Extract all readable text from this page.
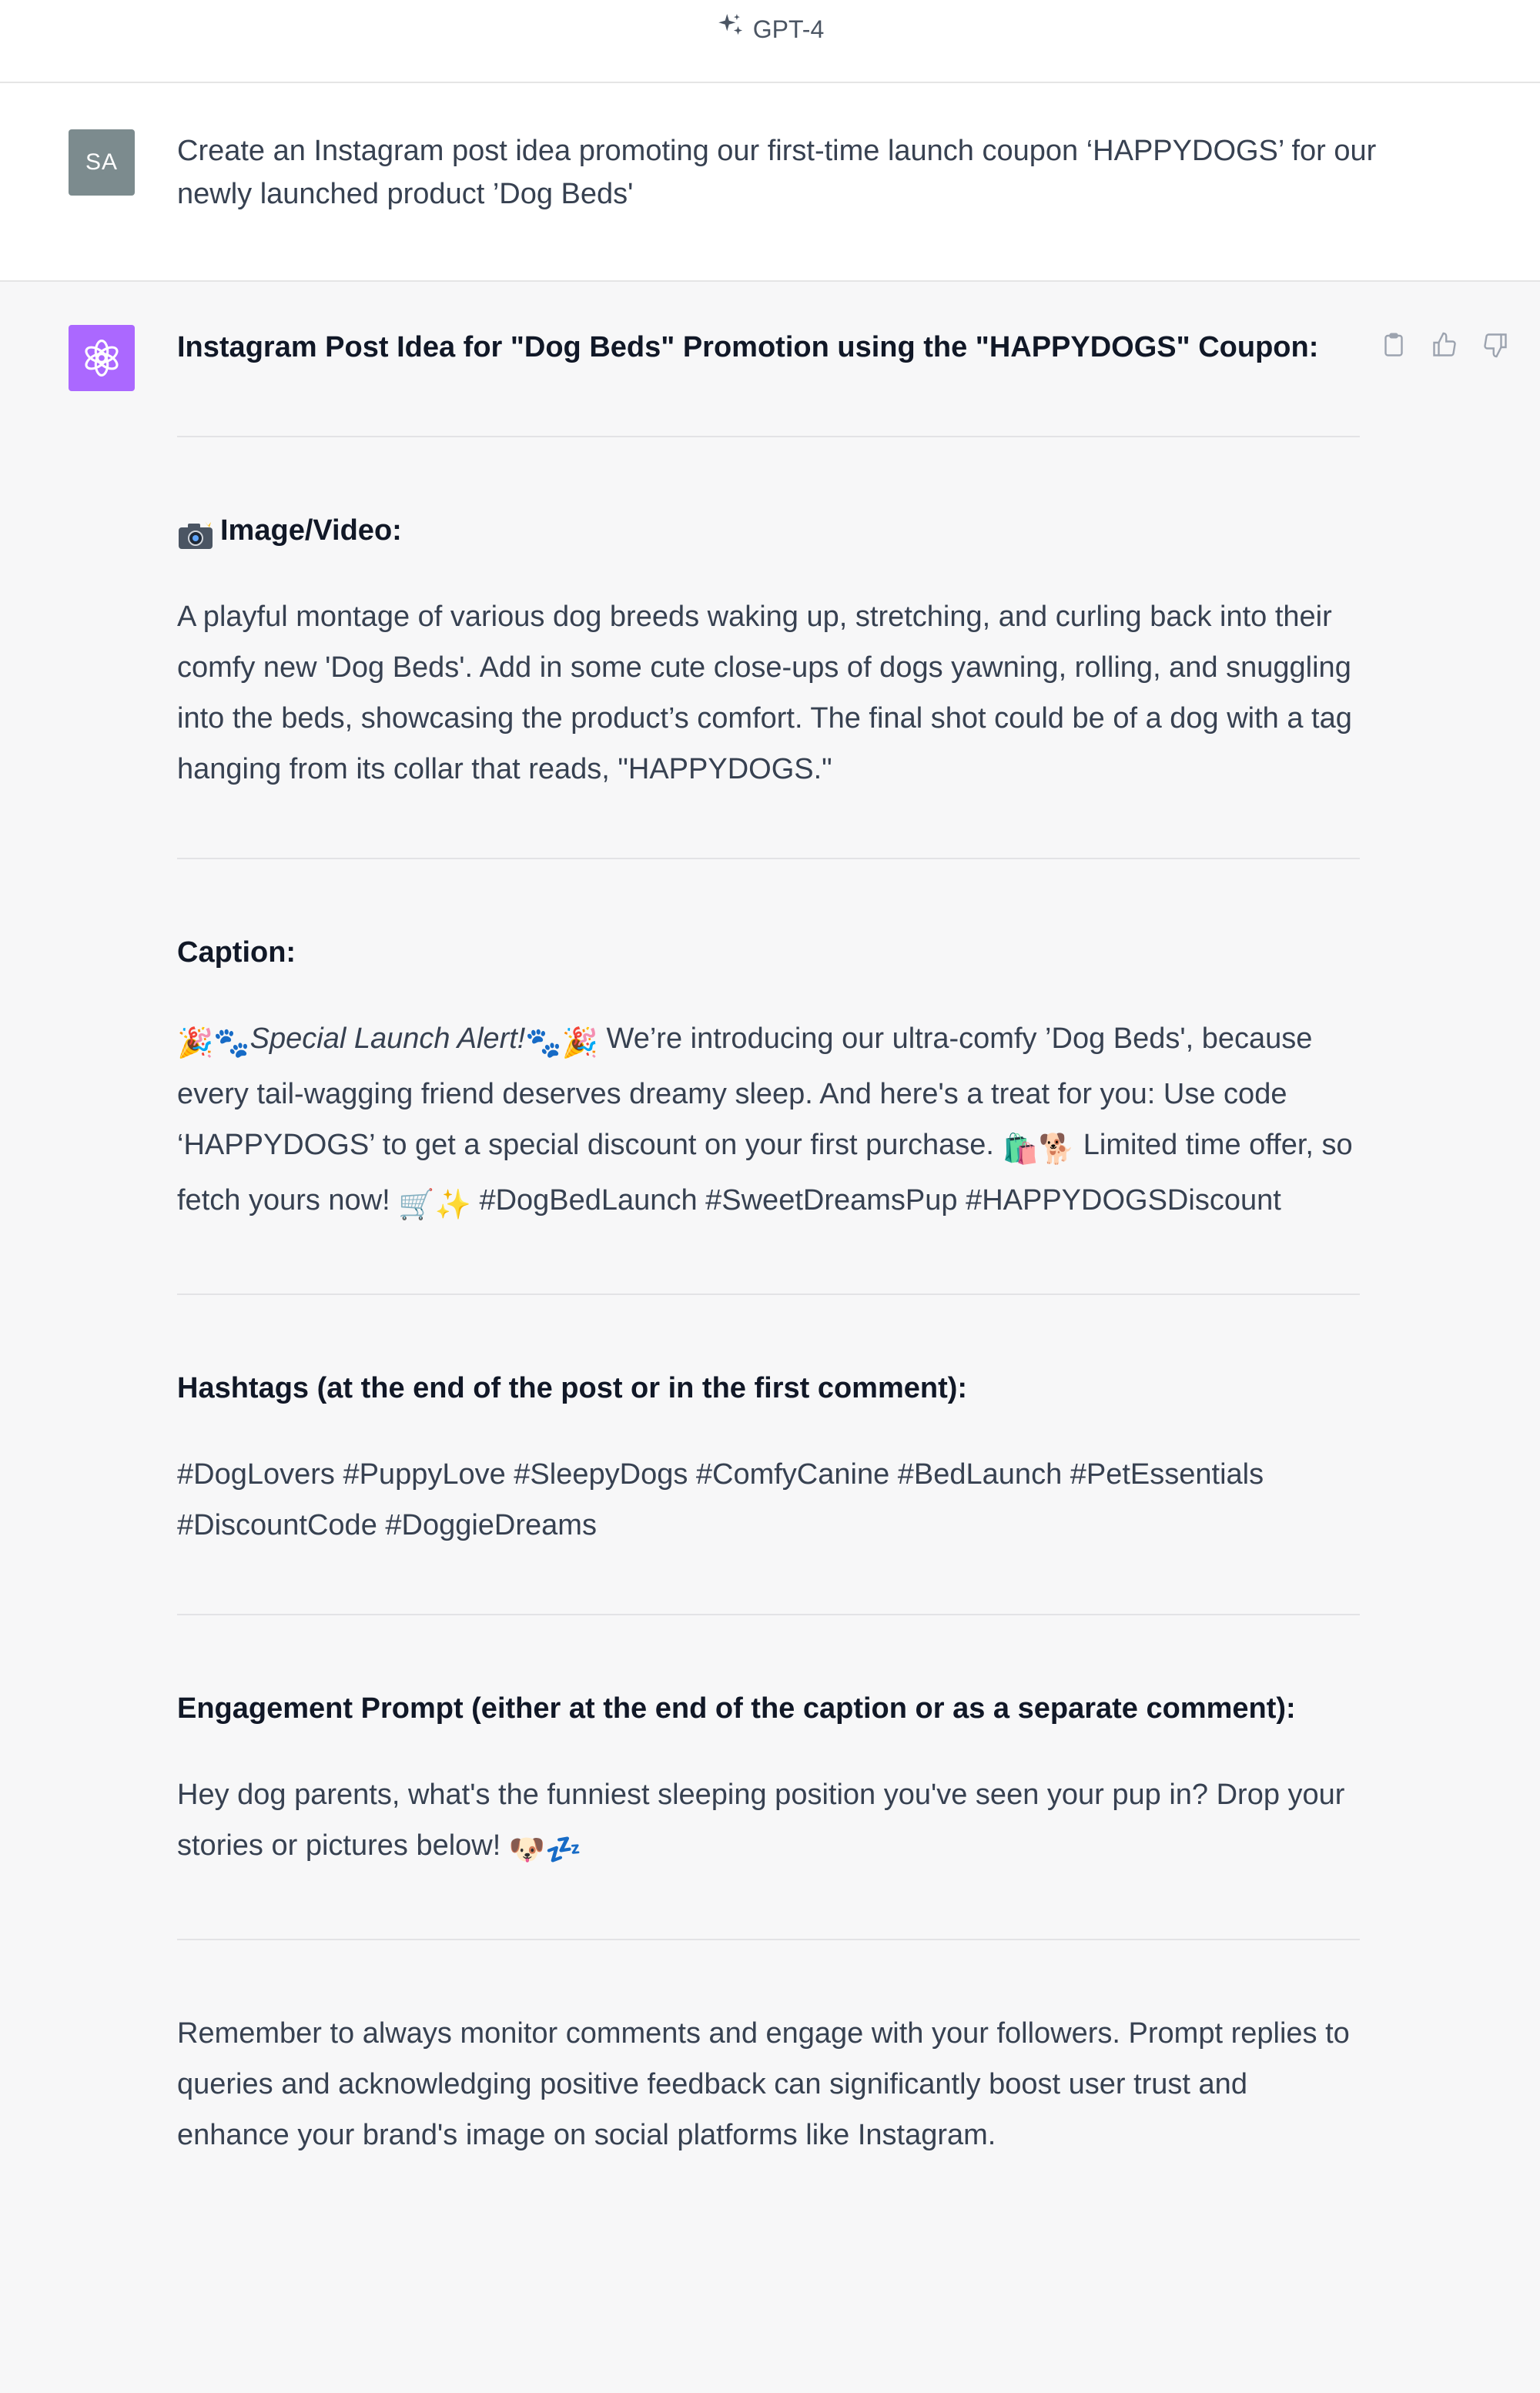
GPT-4
SA Create an Instagram post idea promoting our first-time launch coupon ‘HAPPYDOGS’ for our newly launched product ’Dog Beds'
Instagram Post Idea for "Dog Beds" Promotion using the "HAPPYDOGS" Coupon:
Image/Video:

A playful montage of various dog breeds waking up, stretching, and curling back into their comfy new 'Dog Beds'. Add in some cute close-ups of dogs yawning, rolling, and snuggling into the beds, showcasing the product’s comfort. The final shot could be of a dog with a tag hanging from its collar that reads, "HAPPYDOGS."

Caption:

🎉🐾Special Launch Alert!🐾🎉 We’re introducing our ultra-comfy ’Dog Beds', because every tail-wagging friend deserves dreamy sleep. And here's a treat for you: Use code ‘HAPPYDOGS’ to get a special discount on your first purchase. 🛍️🐕 Limited time offer, so fetch yours now! 🛒✨ #DogBedLaunch #SweetDreamsPup #HAPPYDOGSDiscount

Hashtags (at the end of the post or in the first comment):

#DogLovers #PuppyLove #SleepyDogs #ComfyCanine #BedLaunch #PetEssentials #DiscountCode #DoggieDreams

Engagement Prompt (either at the end of the caption or as a separate comment):

Hey dog parents, what's the funniest sleeping position you've seen your pup in? Drop your stories or pictures below! 🐶💤

Remember to always monitor comments and engage with your followers. Prompt replies to queries and acknowledging positive feedback can significantly boost user trust and enhance your brand's image on social platforms like Instagram.
